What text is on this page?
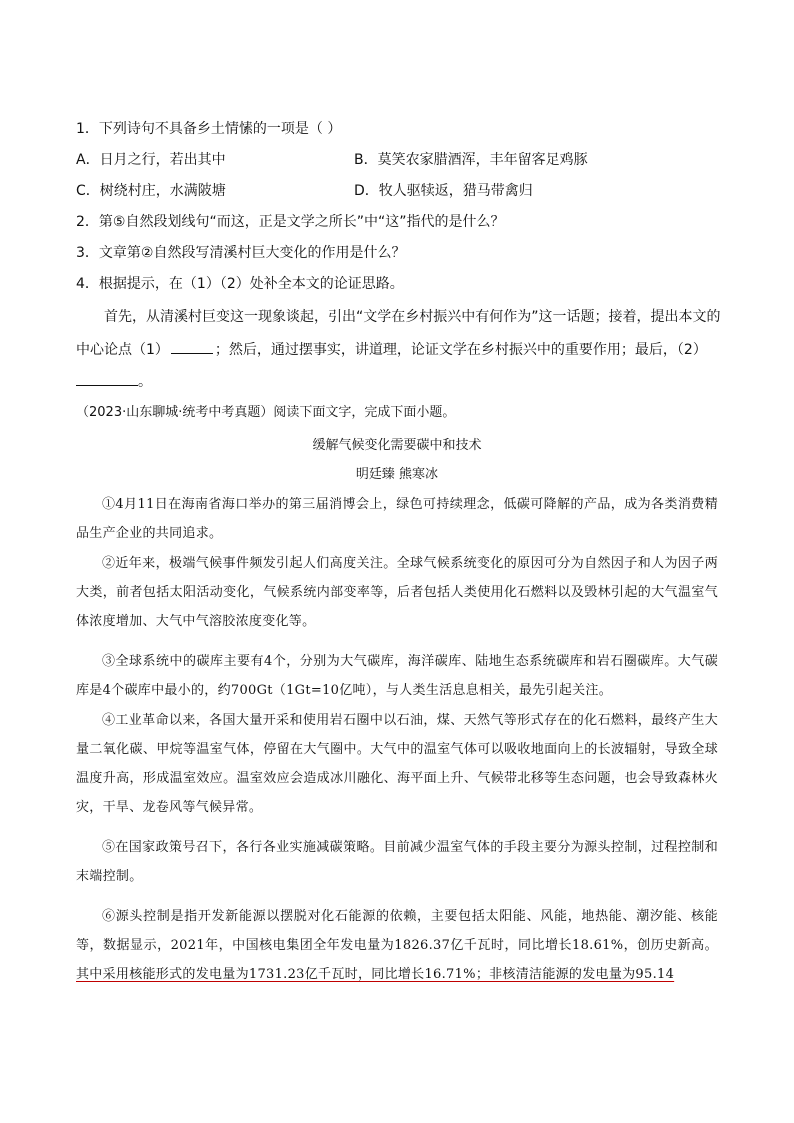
1．下列诗句不具备乡土情愫的一项是（ ）
A．日月之行，若出其中	B．莫笑农家腊酒浑，丰年留客足鸡豚
C．树绕村庄，水满陂塘	D．牧人驱犊返，猎马带禽归
2．第⑤自然段划线句“而这，正是文学之所长”中“这”指代的是什么？
3．文章第②自然段写清溪村巨大变化的作用是什么？
4．根据提示，在（1）（2）处补全本文的论证思路。
首先，从清溪村巨变这一现象谈起，引出“文学在乡村振兴中有何作为”这一话题；接着，提出本文的
中心论点（1）	；然后，通过摆事实，讲道理，论证文学在乡村振兴中的重要作用；最后，（2）
。
（2023·山东聊城·统考中考真题）阅读下面文字，完成下面小题。
缓解气候变化需要碳中和技术
明廷臻 熊寒冰

①4月11日在海南省海口举办的第三届消博会上，绿色可持续理念，低碳可降解的产品，成为各类消费精品生产企业的共同追求。

②近年来，极端气候事件频发引起人们高度关注。全球气候系统变化的原因可分为自然因子和人为因子两大类，前者包括太阳活动变化，气候系统内部变率等，后者包括人类使用化石燃料以及毁林引起的大气温室气体浓度增加、大气中气溶胶浓度变化等。

③全球系统中的碳库主要有4个，分别为大气碳库，海洋碳库、陆地生态系统碳库和岩石圈碳库。大气碳库是4个碳库中最小的，约700Gt（1Gt=10亿吨），与人类生活息息相关，最先引起关注。

④工业革命以来，各国大量开采和使用岩石圈中以石油，煤、天然气等形式存在的化石燃料，最终产生大量二氧化碳、甲烷等温室气体，停留在大气圈中。大气中的温室气体可以吸收地面向上的长波辐射，导致全球温度升高，形成温室效应。温室效应会造成冰川融化、海平面上升、气候带北移等生态问题，也会导致森林火灾，干旱、龙卷风等气候异常。

⑤在国家政策号召下，各行各业实施减碳策略。目前减少温室气体的手段主要分为源头控制，过程控制和末端控制。

⑥源头控制是指开发新能源以摆脱对化石能源的依赖，主要包括太阳能、风能，地热能、潮汐能、核能等，数据显示，2021年，中国核电集团全年发电量为1826.37亿千瓦时，同比增长18.61%，创历史新高。其中采用核能形式的发电量为1731.23亿千瓦时，同比增长16.71%；非核清洁能源的发电量为95.14
